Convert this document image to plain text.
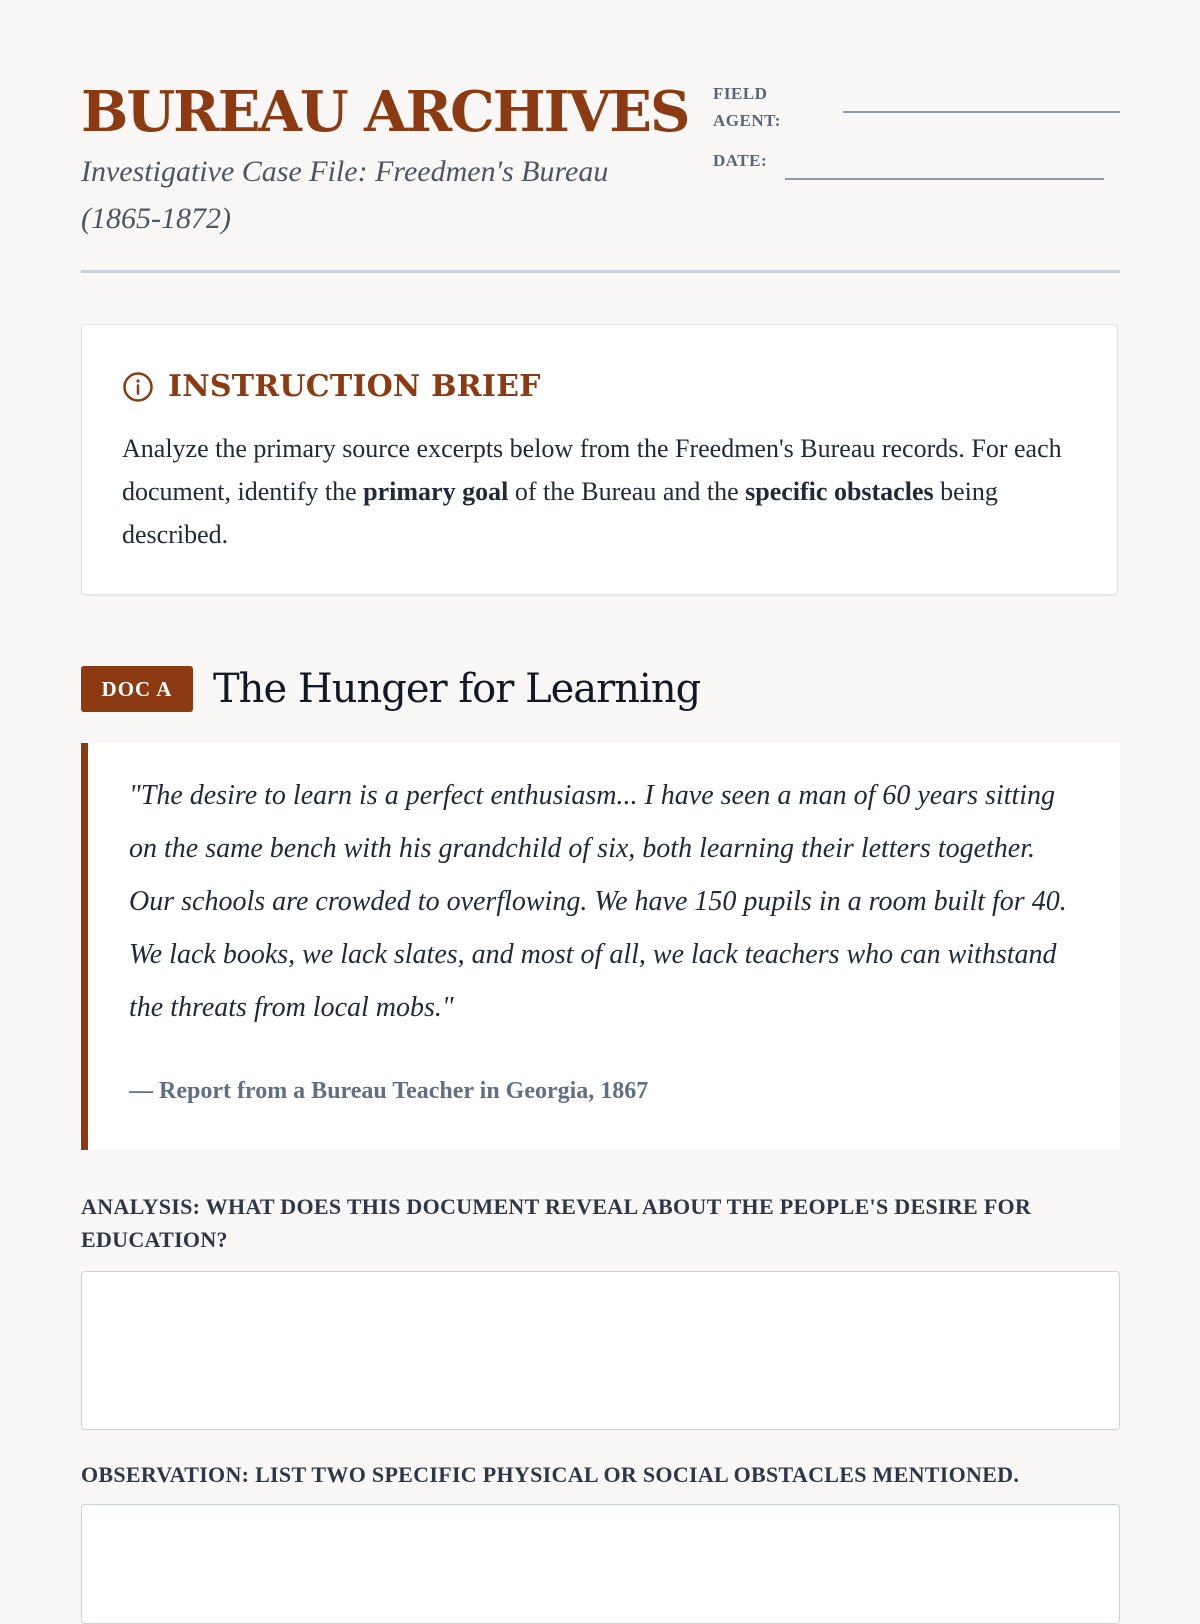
BUREAU ARCHIVES

Investigative Case File: Freedmen's Bureau (1865-1872)

FIELD
AGENT:
DATE:
INSTRUCTION BRIEF

Analyze the primary source excerpts below from the Freedmen's Bureau records. For each document, identify the primary goal of the Bureau and the specific obstacles being described.

DOC A	The Hunger for Learning

"The desire to learn is a perfect enthusiasm... I have seen a man of 60 years sitting on the same bench with his grandchild of six, both learning their letters together. Our schools are crowded to overflowing. We have 150 pupils in a room built for 40. We lack books, we lack slates, and most of all, we lack teachers who can withstand the threats from local mobs."

— Report from a Bureau Teacher in Georgia, 1867

ANALYSIS: WHAT DOES THIS DOCUMENT REVEAL ABOUT THE PEOPLE'S DESIRE FOR EDUCATION?

OBSERVATION: LIST TWO SPECIFIC PHYSICAL OR SOCIAL OBSTACLES MENTIONED.
